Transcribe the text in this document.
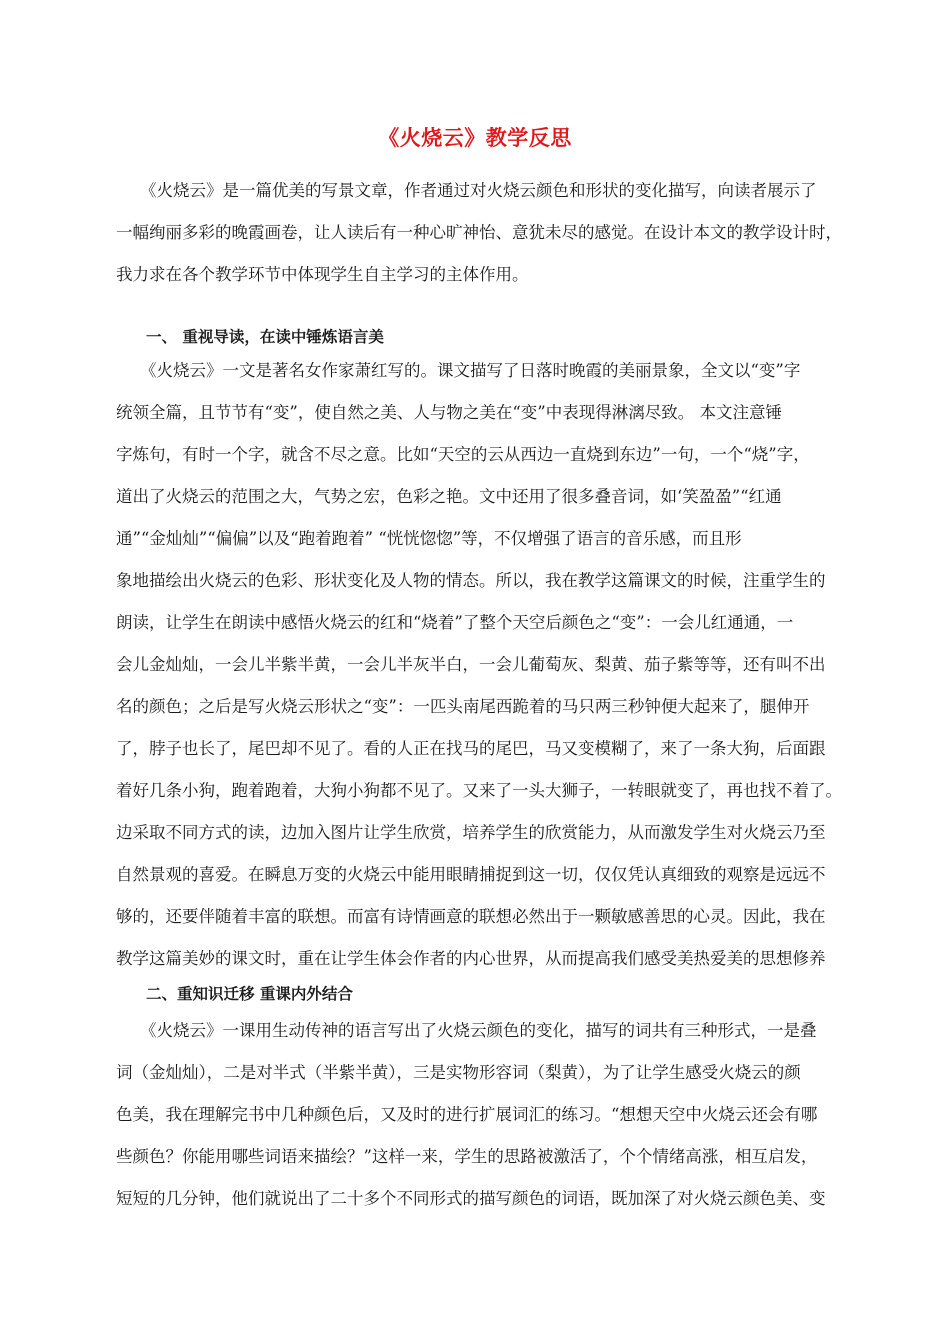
《火烧云》教学反思
《火烧云》是一篇优美的写景文章，作者通过对火烧云颜色和形状的变化描写，向读者展示了
一幅绚丽多彩的晚霞画卷，让人读后有一种心旷神怡、意犹未尽的感觉。在设计本文的教学设计时，
我力求在各个教学环节中体现学生自主学习的主体作用。
一、 重视导读，在读中锤炼语言美
《火烧云》一文是著名女作家萧红写的。课文描写了日落时晚霞的美丽景象，全文以“变”字
统领全篇，且节节有“变”，使自然之美、人与物之美在“变”中表现得淋漓尽致。 本文注意锤
字炼句，有时一个字，就含不尽之意。比如“天空的云从西边一直烧到东边”一句，一个“烧”字，
道出了火烧云的范围之大，气势之宏，色彩之艳。文中还用了很多叠音词，如‘笑盈盈”“红通
通”“金灿灿”“偏偏”以及“跑着跑着” “恍恍惚惚”等，不仅增强了语言的音乐感，而且形
象地描绘出火烧云的色彩、形状变化及人物的情态。所以，我在教学这篇课文的时候，注重学生的
朗读，让学生在朗读中感悟火烧云的红和“烧着”了整个天空后颜色之“变”：一会儿红通通，一
会儿金灿灿，一会儿半紫半黄，一会儿半灰半白，一会儿葡萄灰、梨黄、茄子紫等等，还有叫不出
名的颜色；之后是写火烧云形状之“变”：一匹头南尾西跪着的马只两三秒钟便大起来了，腿伸开
了，脖子也长了，尾巴却不见了。看的人正在找马的尾巴，马又变模糊了，来了一条大狗，后面跟
着好几条小狗，跑着跑着，大狗小狗都不见了。又来了一头大狮子，一转眼就变了，再也找不着了。
边采取不同方式的读，边加入图片让学生欣赏，培养学生的欣赏能力，从而激发学生对火烧云乃至
自然景观的喜爱。在瞬息万变的火烧云中能用眼睛捕捉到这一切，仅仅凭认真细致的观察是远远不
够的，还要伴随着丰富的联想。而富有诗情画意的联想必然出于一颗敏感善思的心灵。因此，我在
教学这篇美妙的课文时，重在让学生体会作者的内心世界，从而提高我们感受美热爱美的思想修养
二、重知识迁移 重课内外结合
《火烧云》一课用生动传神的语言写出了火烧云颜色的变化，描写的词共有三种形式，一是叠
词（金灿灿），二是对半式（半紫半黄），三是实物形容词（梨黄），为了让学生感受火烧云的颜
色美，我在理解完书中几种颜色后，又及时的进行扩展词汇的练习。“想想天空中火烧云还会有哪
些颜色？你能用哪些词语来描绘？”这样一来，学生的思路被激活了，个个情绪高涨，相互启发，
短短的几分钟，他们就说出了二十多个不同形式的描写颜色的词语，既加深了对火烧云颜色美、变
